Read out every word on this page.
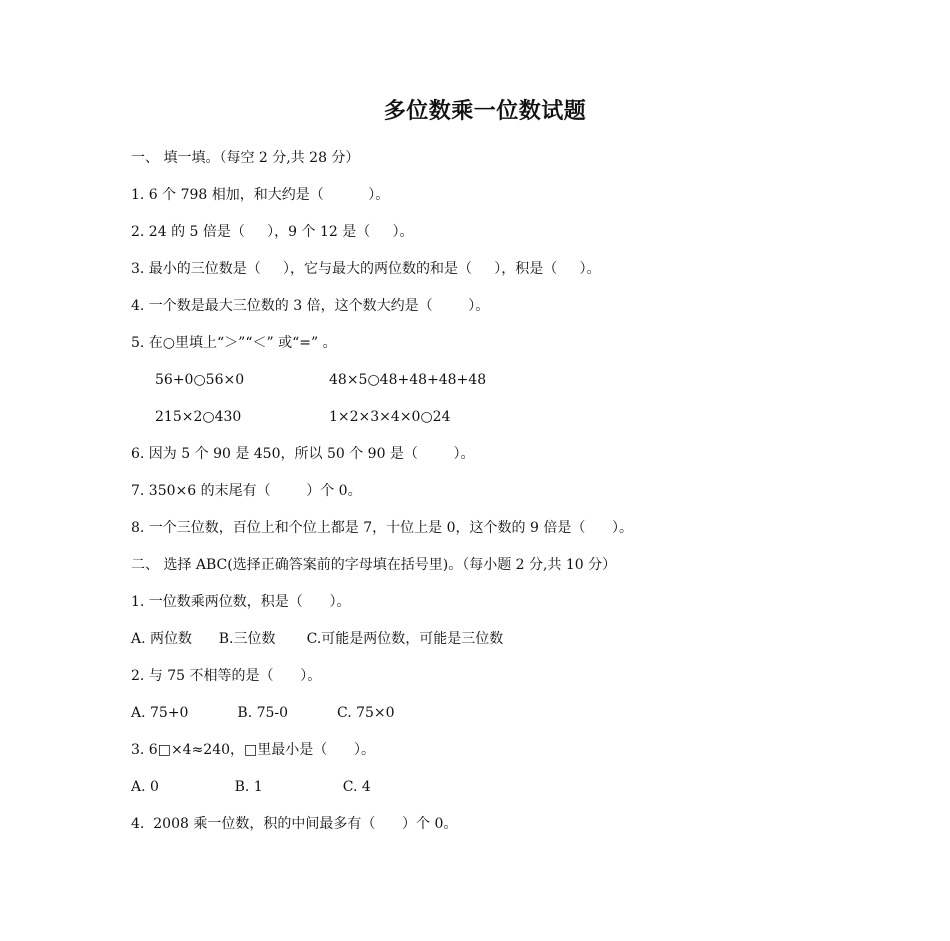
多位数乘一位数试题
一、 填一填。（每空 2 分,共 28 分）
1. 6 个 798 相加，和大约是（          ）。
2. 24 的 5 倍是（     ），9 个 12 是（     ）。
3. 最小的三位数是（     ），它与最大的两位数的和是（     ），积是（     ）。
4. 一个数是最大三位数的 3 倍，这个数大约是（        ）。
5. 在○里填上“＞”“＜” 或“=” 。
56+0○56×0	48×5○48+48+48+48
215×2○430	1×2×3×4×0○24
6. 因为 5 个 90 是 450，所以 50 个 90 是（        ）。
7. 350×6 的末尾有（        ）个 0。
8. 一个三位数，百位上和个位上都是 7，十位上是 0，这个数的 9 倍是（      ）。
二、 选择 ABC(选择正确答案前的字母填在括号里)。（每小题 2 分,共 10 分）
1. 一位数乘两位数，积是（      ）。
A. 两位数      B.三位数       C.可能是两位数，可能是三位数
2. 与 75 不相等的是（      ）。
A. 75+0           B. 75-0           C. 75×0
3. 6□×4≈240，□里最小是（      ）。
A. 0                 B. 1                  C. 4
4.  2008 乘一位数，积的中间最多有（      ）个 0。
